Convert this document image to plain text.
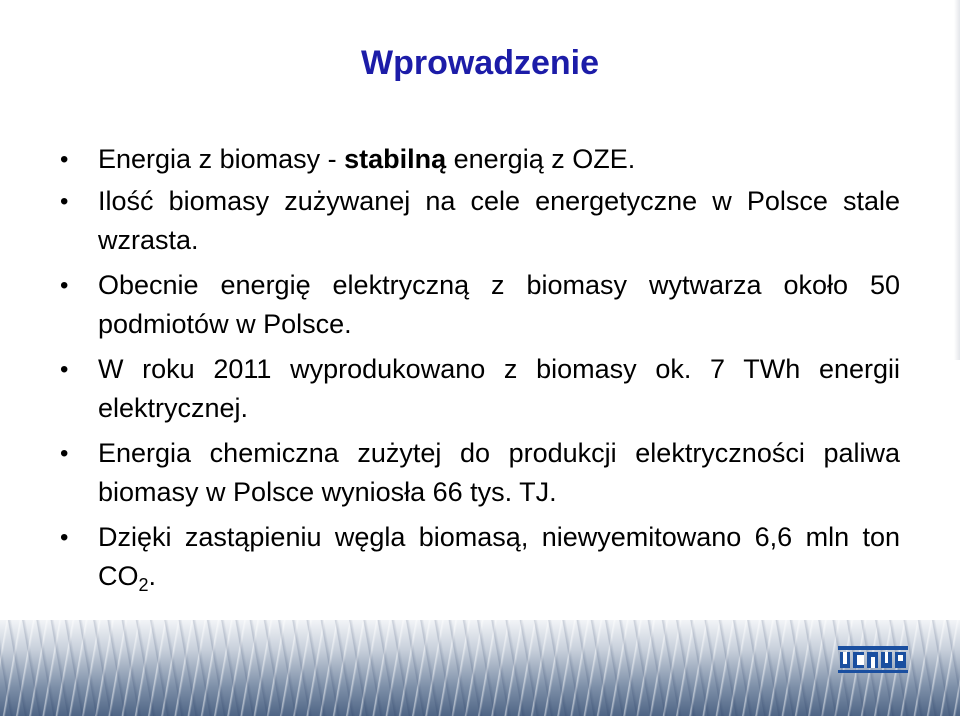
Wprowadzenie
• Energia z biomasy - stabilną energią z OZE.
• Ilość biomasy zużywanej na cele energetyczne w Polsce stale wzrasta.
• Obecnie energię elektryczną z biomasy wytwarza około 50 podmiotów w Polsce.
• W roku 2011 wyprodukowano z biomasy ok. 7 TWh energii elektrycznej.
• Energia chemiczna zużytej do produkcji elektryczności paliwa biomasy w Polsce wyniosła 66 tys. TJ.
• Dzięki zastąpieniu węgla biomasą, niewyemitowano 6,6 mln ton $CO_2$.
